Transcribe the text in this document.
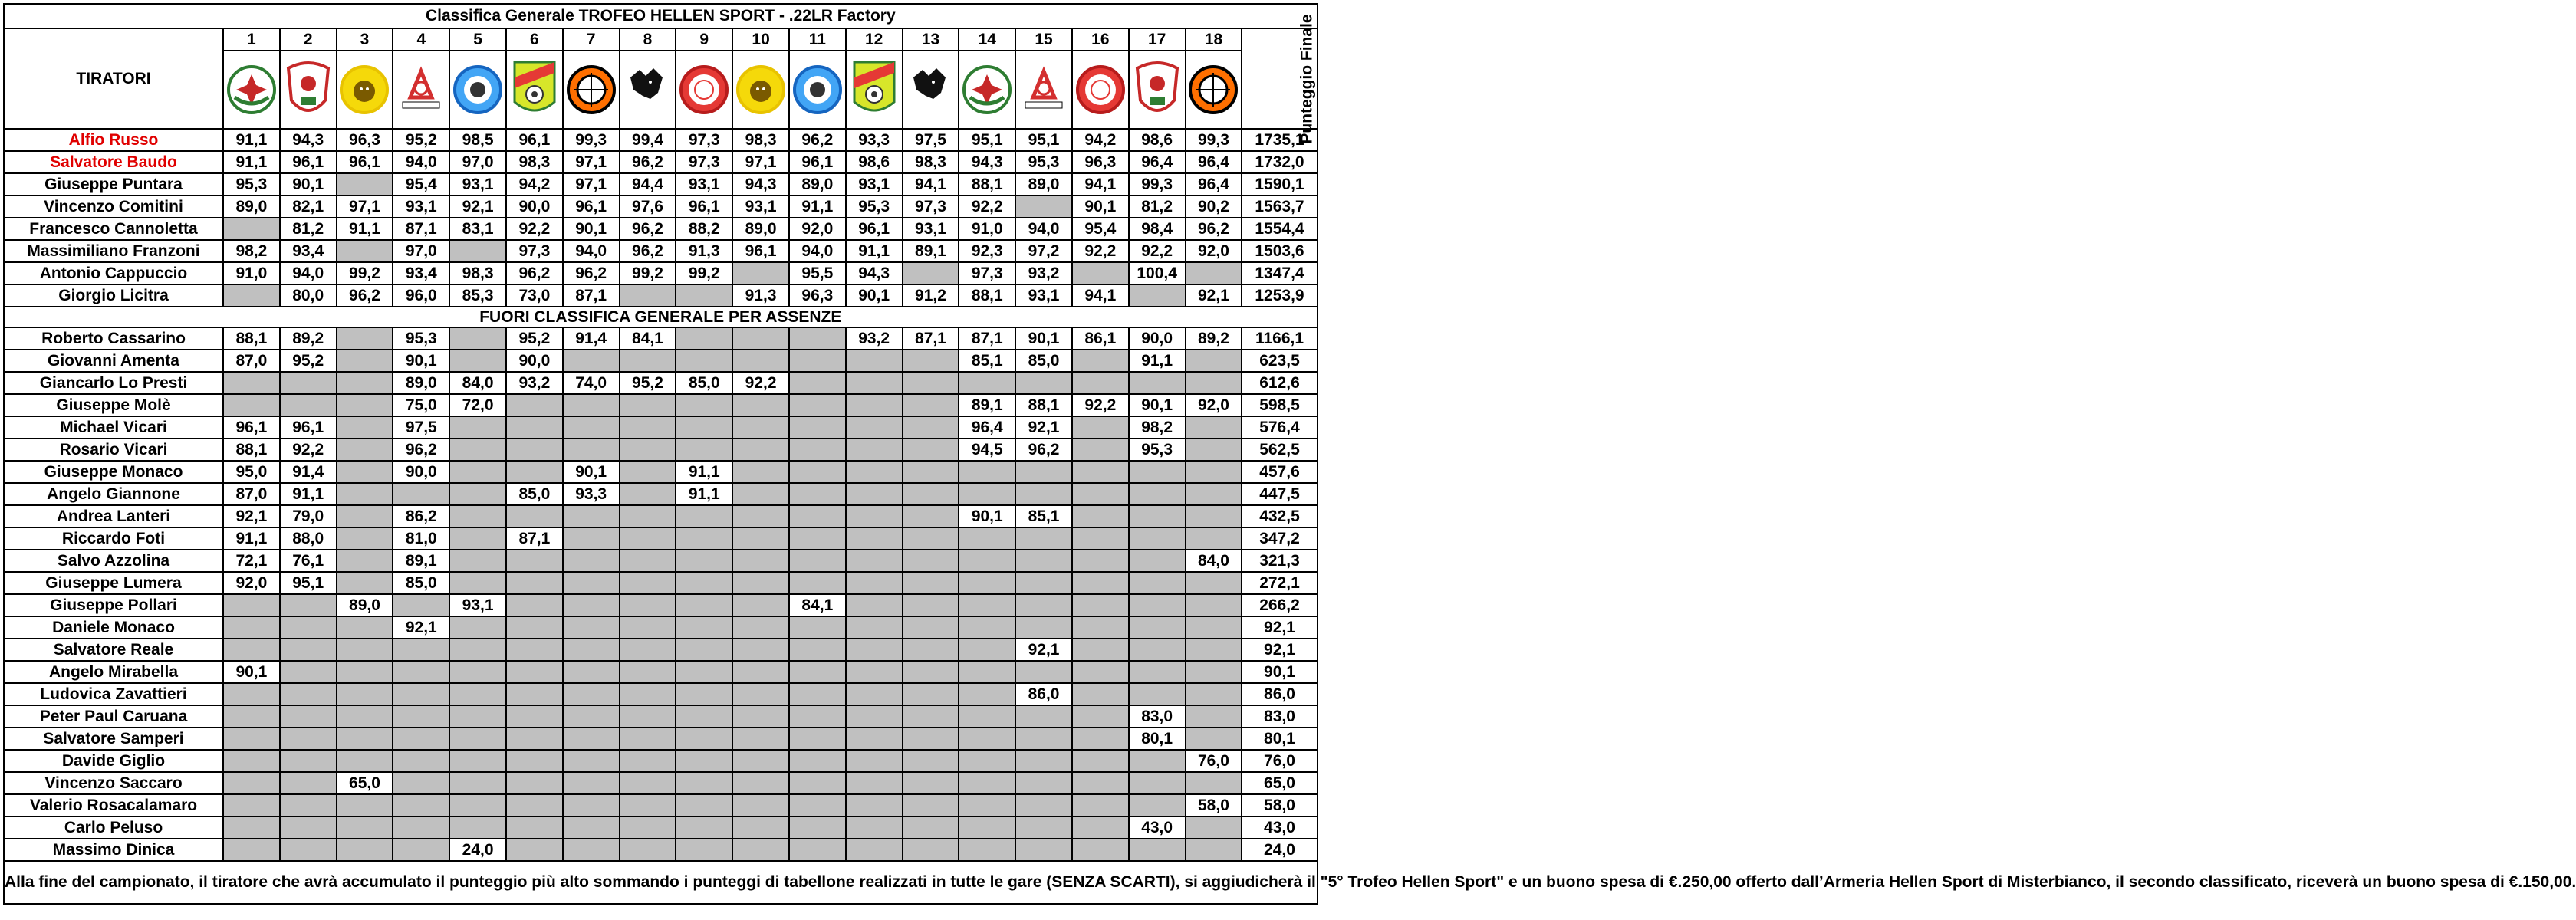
Classifica Generale TROFEO HELLEN SPORT - .22LR Factory																			
TIRATORI	1	2	3	4	5	6	7	8	9	10	11	12	13	14	15	16	17	18	Punteggio Finale

Alfio Russo	91,1	94,3	96,3	95,2	98,5	96,1	99,3	99,4	97,3	98,3	96,2	93,3	97,5	95,1	95,1	94,2	98,6	99,3	1735,1
Salvatore Baudo	91,1	96,1	96,1	94,0	97,0	98,3	97,1	96,2	97,3	97,1	96,1	98,6	98,3	94,3	95,3	96,3	96,4	96,4	1732,0
Giuseppe Puntara	95,3	90,1		95,4	93,1	94,2	97,1	94,4	93,1	94,3	89,0	93,1	94,1	88,1	89,0	94,1	99,3	96,4	1590,1
Vincenzo Comitini	89,0	82,1	97,1	93,1	92,1	90,0	96,1	97,6	96,1	93,1	91,1	95,3	97,3	92,2		90,1	81,2	90,2	1563,7
Francesco Cannoletta		81,2	91,1	87,1	83,1	92,2	90,1	96,2	88,2	89,0	92,0	96,1	93,1	91,0	94,0	95,4	98,4	96,2	1554,4
Massimiliano Franzoni	98,2	93,4		97,0		97,3	94,0	96,2	91,3	96,1	94,0	91,1	89,1	92,3	97,2	92,2	92,2	92,0	1503,6
Antonio Cappuccio	91,0	94,0	99,2	93,4	98,3	96,2	96,2	99,2	99,2		95,5	94,3		97,3	93,2		100,4		1347,4
Giorgio Licitra		80,0	96,2	96,0	85,3	73,0	87,1			91,3	96,3	90,1	91,2	88,1	93,1	94,1		92,1	1253,9
FUORI CLASSIFICA GENERALE PER ASSENZE																			
Roberto Cassarino	88,1	89,2		95,3		95,2	91,4	84,1				93,2	87,1	87,1	90,1	86,1	90,0	89,2	1166,1
Giovanni Amenta	87,0	95,2		90,1		90,0								85,1	85,0		91,1		623,5
Giancarlo Lo Presti				89,0	84,0	93,2	74,0	95,2	85,0	92,2									612,6
Giuseppe Molè				75,0	72,0									89,1	88,1	92,2	90,1	92,0	598,5
Michael Vicari	96,1	96,1		97,5										96,4	92,1		98,2		576,4
Rosario Vicari	88,1	92,2		96,2										94,5	96,2		95,3		562,5
Giuseppe Monaco	95,0	91,4		90,0			90,1		91,1										457,6
Angelo Giannone	87,0	91,1				85,0	93,3		91,1										447,5
Andrea Lanteri	92,1	79,0		86,2										90,1	85,1				432,5
Riccardo Foti	91,1	88,0		81,0		87,1													347,2
Salvo Azzolina	72,1	76,1		89,1														84,0	321,3
Giuseppe Lumera	92,0	95,1		85,0															272,1
Giuseppe Pollari			89,0		93,1						84,1								266,2
Daniele Monaco				92,1															92,1
Salvatore Reale															92,1				92,1
Angelo Mirabella	90,1																		90,1
Ludovica Zavattieri															86,0				86,0
Peter Paul Caruana																	83,0		83,0
Salvatore Samperi																	80,1		80,1
Davide Giglio																		76,0	76,0
Vincenzo Saccaro			65,0																65,0
Valerio Rosacalamaro																		58,0	58,0
Carlo Peluso																	43,0		43,0
Massimo Dinica					24,0														24,0
Alla fine del campionato, il tiratore che avrà accumulato il punteggio più alto sommando i punteggi di tabellone realizzati in tutte le gare (SENZA SCARTI), si aggiudicherà il "5° Trofeo Hellen Sport" e un buono spesa di €.250,00 offerto dall’Armeria Hellen Sport di Misterbianco, il secondo classificato, riceverà un buono spesa di €.150,00.																			
